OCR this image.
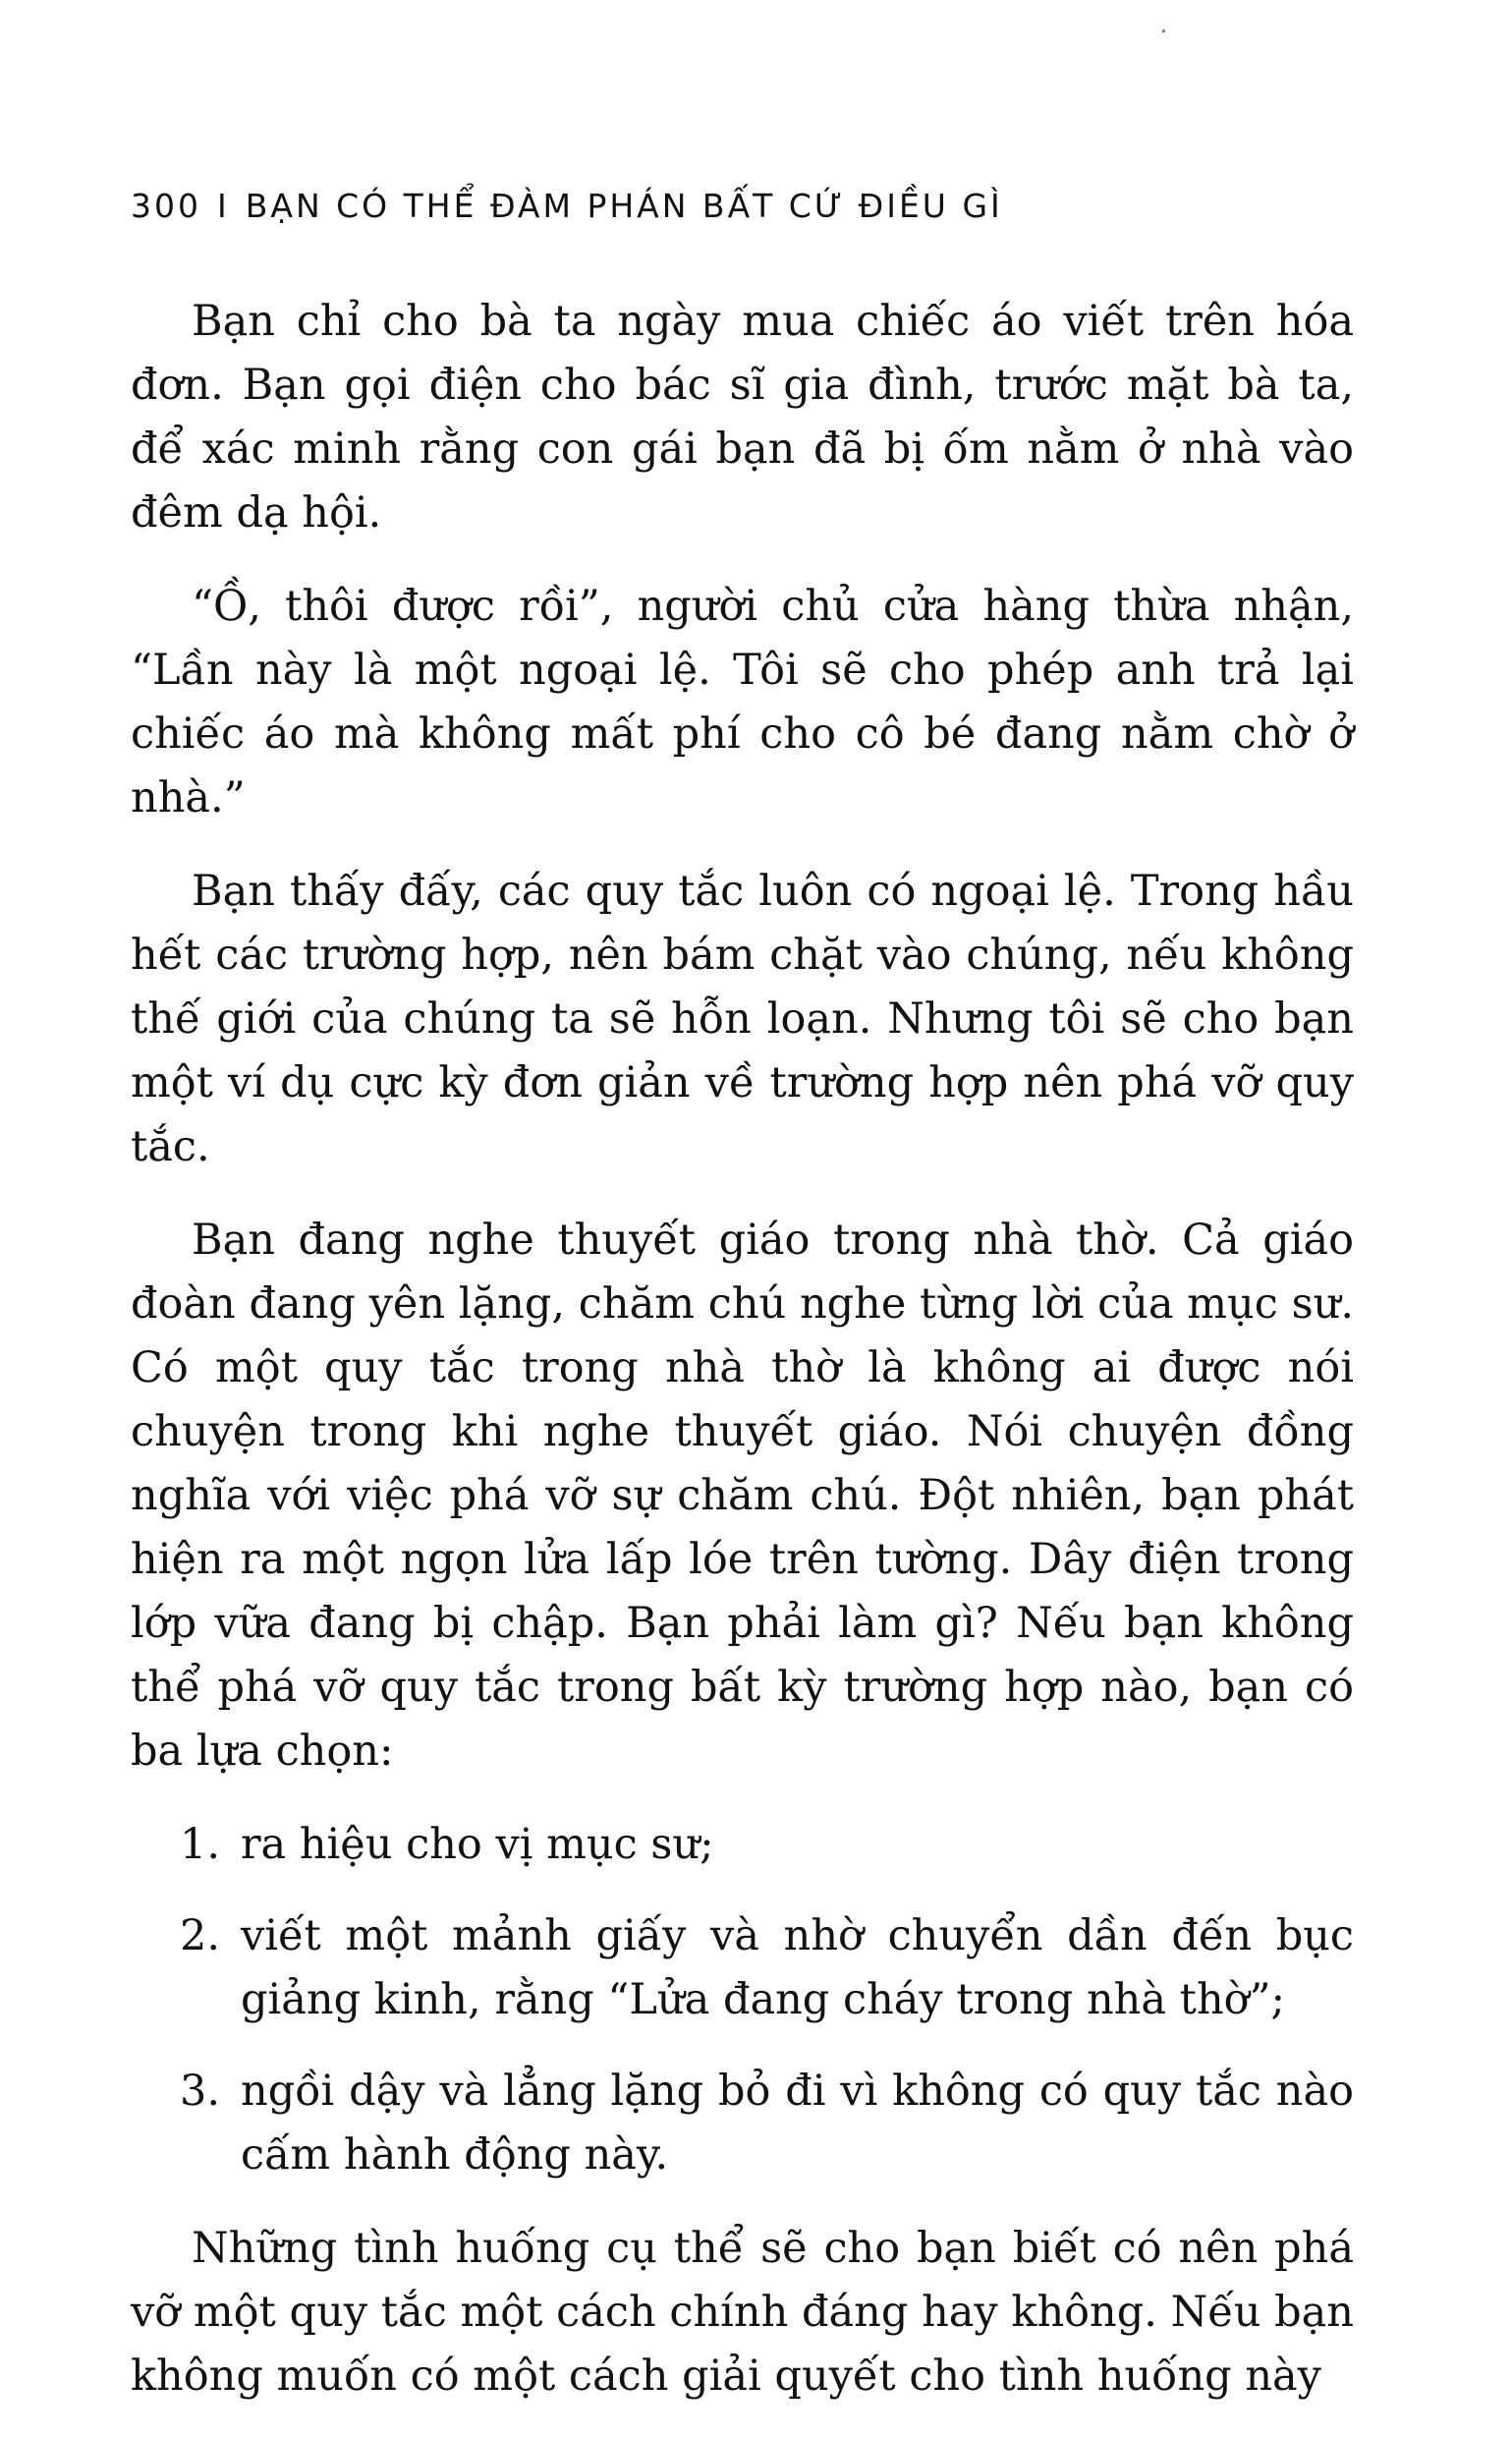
300 I BẠN CÓ THỂ ĐÀM PHÁN BẤT CỨ ĐIỀU GÌ

Bạn chỉ cho bà ta ngày mua chiếc áo viết trên hóa đơn. Bạn gọi điện cho bác sĩ gia đình, trước mặt bà ta, để xác minh rằng con gái bạn đã bị ốm nằm ở nhà vào đêm dạ hội.

“Ồ, thôi được rồi”, người chủ cửa hàng thừa nhận, “Lần này là một ngoại lệ. Tôi sẽ cho phép anh trả lại chiếc áo mà không mất phí cho cô bé đang nằm chờ ở nhà.”

Bạn thấy đấy, các quy tắc luôn có ngoại lệ. Trong hầu hết các trường hợp, nên bám chặt vào chúng, nếu không thế giới của chúng ta sẽ hỗn loạn. Nhưng tôi sẽ cho bạn một ví dụ cực kỳ đơn giản về trường hợp nên phá vỡ quy tắc.

Bạn đang nghe thuyết giáo trong nhà thờ. Cả giáo đoàn đang yên lặng, chăm chú nghe từng lời của mục sư. Có một quy tắc trong nhà thờ là không ai được nói chuyện trong khi nghe thuyết giáo. Nói chuyện đồng nghĩa với việc phá vỡ sự chăm chú. Đột nhiên, bạn phát hiện ra một ngọn lửa lấp lóe trên tường. Dây điện trong lớp vữa đang bị chập. Bạn phải làm gì? Nếu bạn không thể phá vỡ quy tắc trong bất kỳ trường hợp nào, bạn có ba lựa chọn:

1. ra hiệu cho vị mục sư;
2. viết một mảnh giấy và nhờ chuyển dần đến bục giảng kinh, rằng “Lửa đang cháy trong nhà thờ”;
3. ngồi dậy và lẳng lặng bỏ đi vì không có quy tắc nào cấm hành động này.

Những tình huống cụ thể sẽ cho bạn biết có nên phá vỡ một quy tắc một cách chính đáng hay không. Nếu bạn không muốn có một cách giải quyết cho tình huống này
